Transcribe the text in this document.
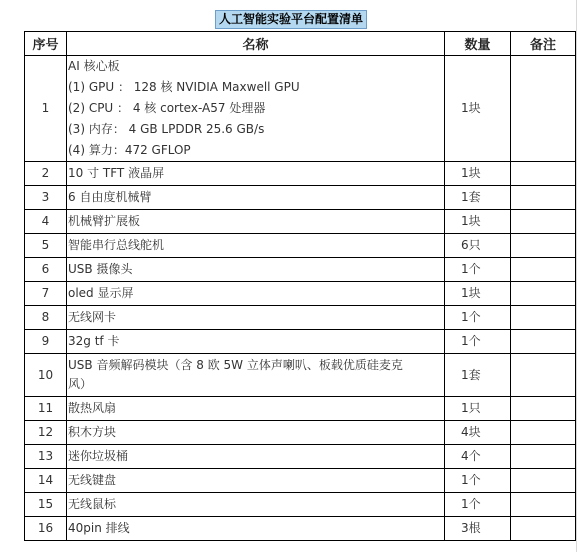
人工智能实验平台配置清单
序号	名称	数量	备注
1	AI 核心板
(1) GPU ： 128 核 NVIDIA Maxwell GPU
(2) CPU ： 4 核 cortex-A57 处理器
(3) 内存： 4 GB LPDDR 25.6 GB/s
(4) 算力：472 GFLOP	1块	
2	10 寸 TFT 液晶屏	1块	
3	6 自由度机械臂	1套	
4	机械臂扩展板	1块	
5	智能串行总线舵机	6只	
6	USB 摄像头	1个	
7	oled 显示屏	1块	
8	无线网卡	1个	
9	32g tf 卡	1个	
10	USB 音频解码模块（含 8 欧 5W 立体声喇叭、板载优质硅麦克
风）	1套	
11	散热风扇	1只	
12	积木方块	4块	
13	迷你垃圾桶	4个	
14	无线键盘	1个	
15	无线鼠标	1个	
16	40pin 排线	3根	
